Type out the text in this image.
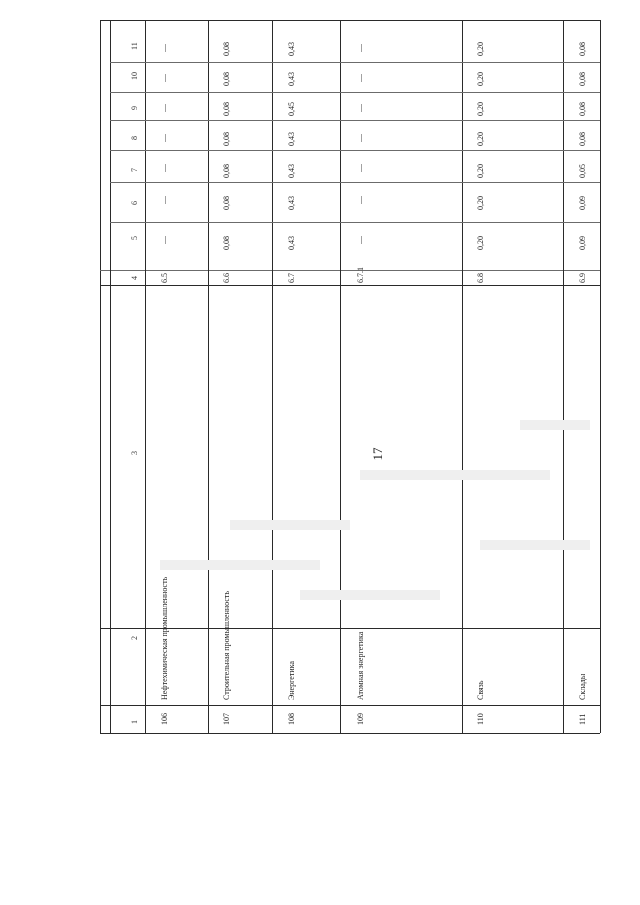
17
1
2
3
4
5
6
7
8
9
10
11
106
Нефтехимическая промышленность
6.5
—
—
—
—
—
—
—
107
Строительная промышленность
6.6
0,08
0,08
0,08
0,08
0,08
0,08
0,08
108
Энергетика
6.7
0,43
0,43
0,43
0,43
0,45
0,43
0,43
109
Атомная энергетика
6.7.1
—
—
—
—
—
—
—
110
Связь
6.8
0,20
0,20
0,20
0,20
0,20
0,20
0,20
111
Склады
6.9
0,09
0,09
0,05
0,08
0,08
0,08
0,08
